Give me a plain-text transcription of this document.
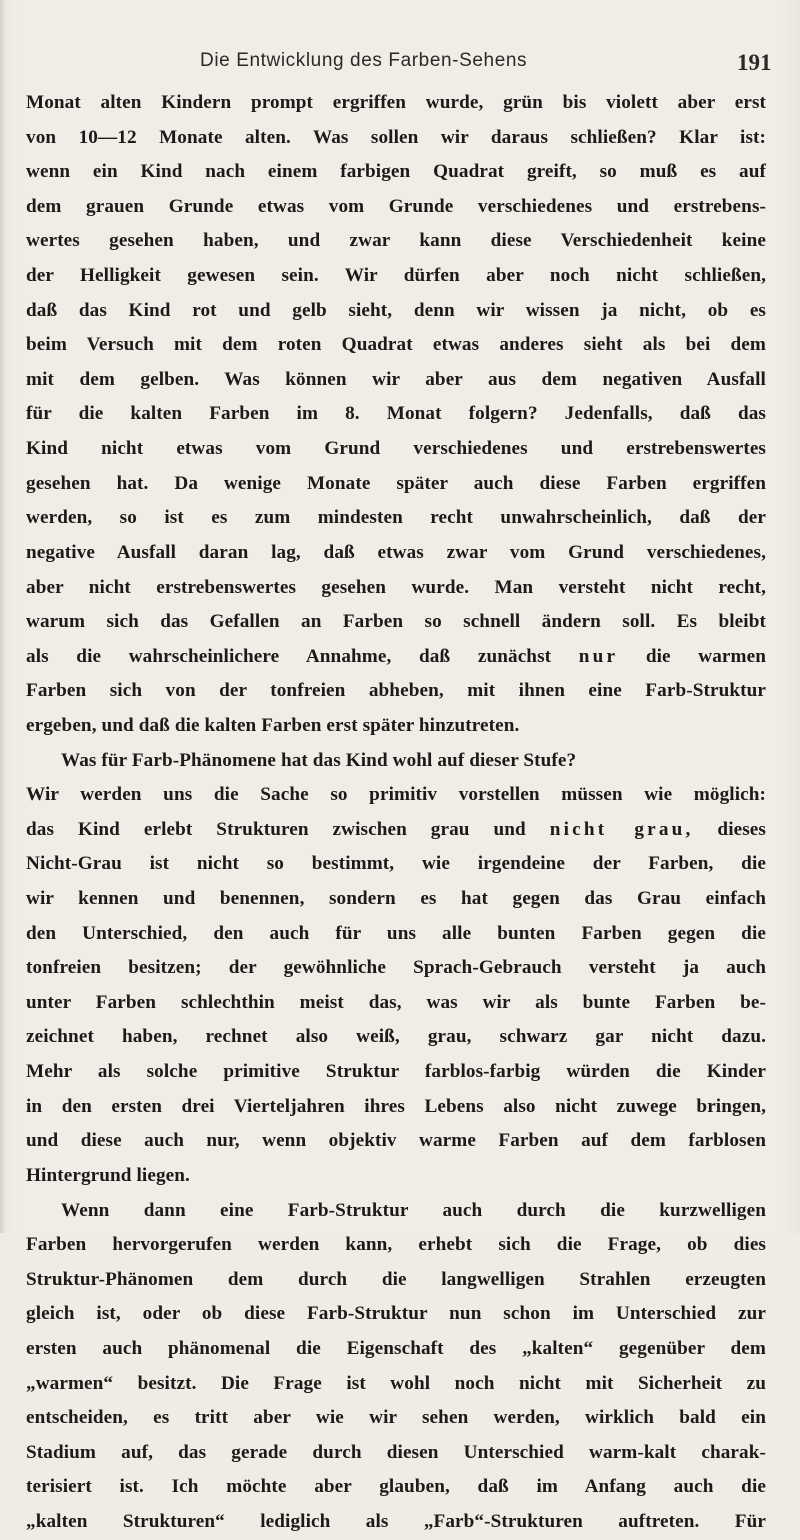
Die Entwicklung des Farben-Sehens	191
Monat alten Kindern prompt ergriffen wurde, grün bis violett aber erst
von 10—12 Monate alten. Was sollen wir daraus schließen? Klar ist:
wenn ein Kind nach einem farbigen Quadrat greift, so muß es auf
dem grauen Grunde etwas vom Grunde verschiedenes und erstrebens-
wertes gesehen haben, und zwar kann diese Verschiedenheit keine
der Helligkeit gewesen sein. Wir dürfen aber noch nicht schließen,
daß das Kind rot und gelb sieht, denn wir wissen ja nicht, ob es
beim Versuch mit dem roten Quadrat etwas anderes sieht als bei dem
mit dem gelben. Was können wir aber aus dem negativen Ausfall
für die kalten Farben im 8. Monat folgern? Jedenfalls, daß das
Kind nicht etwas vom Grund verschiedenes und erstrebenswertes
gesehen hat. Da wenige Monate später auch diese Farben ergriffen
werden, so ist es zum mindesten recht unwahrscheinlich, daß der
negative Ausfall daran lag, daß etwas zwar vom Grund verschiedenes,
aber nicht erstrebenswertes gesehen wurde. Man versteht nicht recht,
warum sich das Gefallen an Farben so schnell ändern soll. Es bleibt
als die wahrscheinlichere Annahme, daß zunächst nur die warmen
Farben sich von der tonfreien abheben, mit ihnen eine Farb-Struktur
ergeben, und daß die kalten Farben erst später hinzutreten.
Was für Farb-Phänomene hat das Kind wohl auf dieser Stufe?
Wir werden uns die Sache so primitiv vorstellen müssen wie möglich:
das Kind erlebt Strukturen zwischen grau und nicht grau, dieses
Nicht-Grau ist nicht so bestimmt, wie irgendeine der Farben, die
wir kennen und benennen, sondern es hat gegen das Grau einfach
den Unterschied, den auch für uns alle bunten Farben gegen die
tonfreien besitzen; der gewöhnliche Sprach-Gebrauch versteht ja auch
unter Farben schlechthin meist das, was wir als bunte Farben be-
zeichnet haben, rechnet also weiß, grau, schwarz gar nicht dazu.
Mehr als solche primitive Struktur farblos-farbig würden die Kinder
in den ersten drei Vierteljahren ihres Lebens also nicht zuwege bringen,
und diese auch nur, wenn objektiv warme Farben auf dem farblosen
Hintergrund liegen.
Wenn dann eine Farb-Struktur auch durch die kurzwelligen
Farben hervorgerufen werden kann, erhebt sich die Frage, ob dies
Struktur-Phänomen dem durch die langwelligen Strahlen erzeugten
gleich ist, oder ob diese Farb-Struktur nun schon im Unterschied zur
ersten auch phänomenal die Eigenschaft des „kalten“ gegenüber dem
„warmen“ besitzt. Die Frage ist wohl noch nicht mit Sicherheit zu
entscheiden, es tritt aber wie wir sehen werden, wirklich bald ein
Stadium auf, das gerade durch diesen Unterschied warm-kalt charak-
terisiert ist. Ich möchte aber glauben, daß im Anfang auch die
„kalten Strukturen“ lediglich als „Farb“-Strukturen auftreten. Für
